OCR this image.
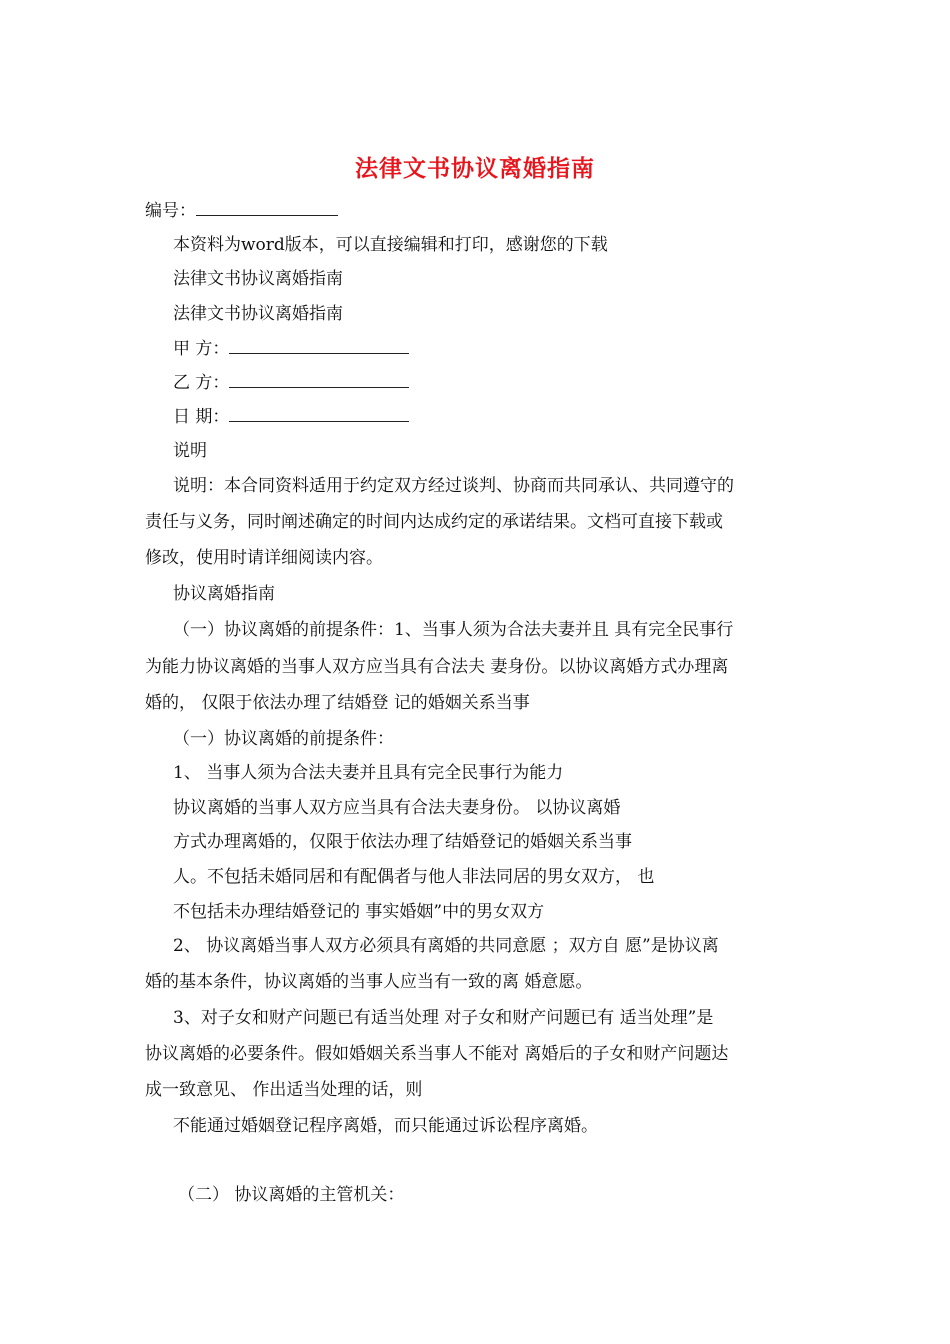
法律文书协议离婚指南
编号：
本资料为word版本，可以直接编辑和打印，感谢您的下载
法律文书协议离婚指南
法律文书协议离婚指南
甲 方：
乙 方：
日 期：
说明
说明：本合同资料适用于约定双方经过谈判、协商而共同承认、共同遵守的
责任与义务，同时阐述确定的时间内达成约定的承诺结果。文档可直接下载或
修改，使用时请详细阅读内容。
协议离婚指南
（一）协议离婚的前提条件：1、当事人须为合法夫妻并且 具有完全民事行
为能力协议离婚的当事人双方应当具有合法夫 妻身份。以协议离婚方式办理离
婚的， 仅限于依法办理了结婚登 记的婚姻关系当事
（一）协议离婚的前提条件：
1、 当事人须为合法夫妻并且具有完全民事行为能力
协议离婚的当事人双方应当具有合法夫妻身份。 以协议离婚
方式办理离婚的，仅限于依法办理了结婚登记的婚姻关系当事
人。不包括未婚同居和有配偶者与他人非法同居的男女双方， 也
不包括未办理结婚登记的 事实婚姻”中的男女双方
2、 协议离婚当事人双方必须具有离婚的共同意愿 ；双方自 愿”是协议离
婚的基本条件，协议离婚的当事人应当有一致的离 婚意愿。
3、对子女和财产问题已有适当处理 对子女和财产问题已有 适当处理”是
协议离婚的必要条件。假如婚姻关系当事人不能对 离婚后的子女和财产问题达
成一致意见、 作出适当处理的话，则
不能通过婚姻登记程序离婚，而只能通过诉讼程序离婚。
（二） 协议离婚的主管机关：
